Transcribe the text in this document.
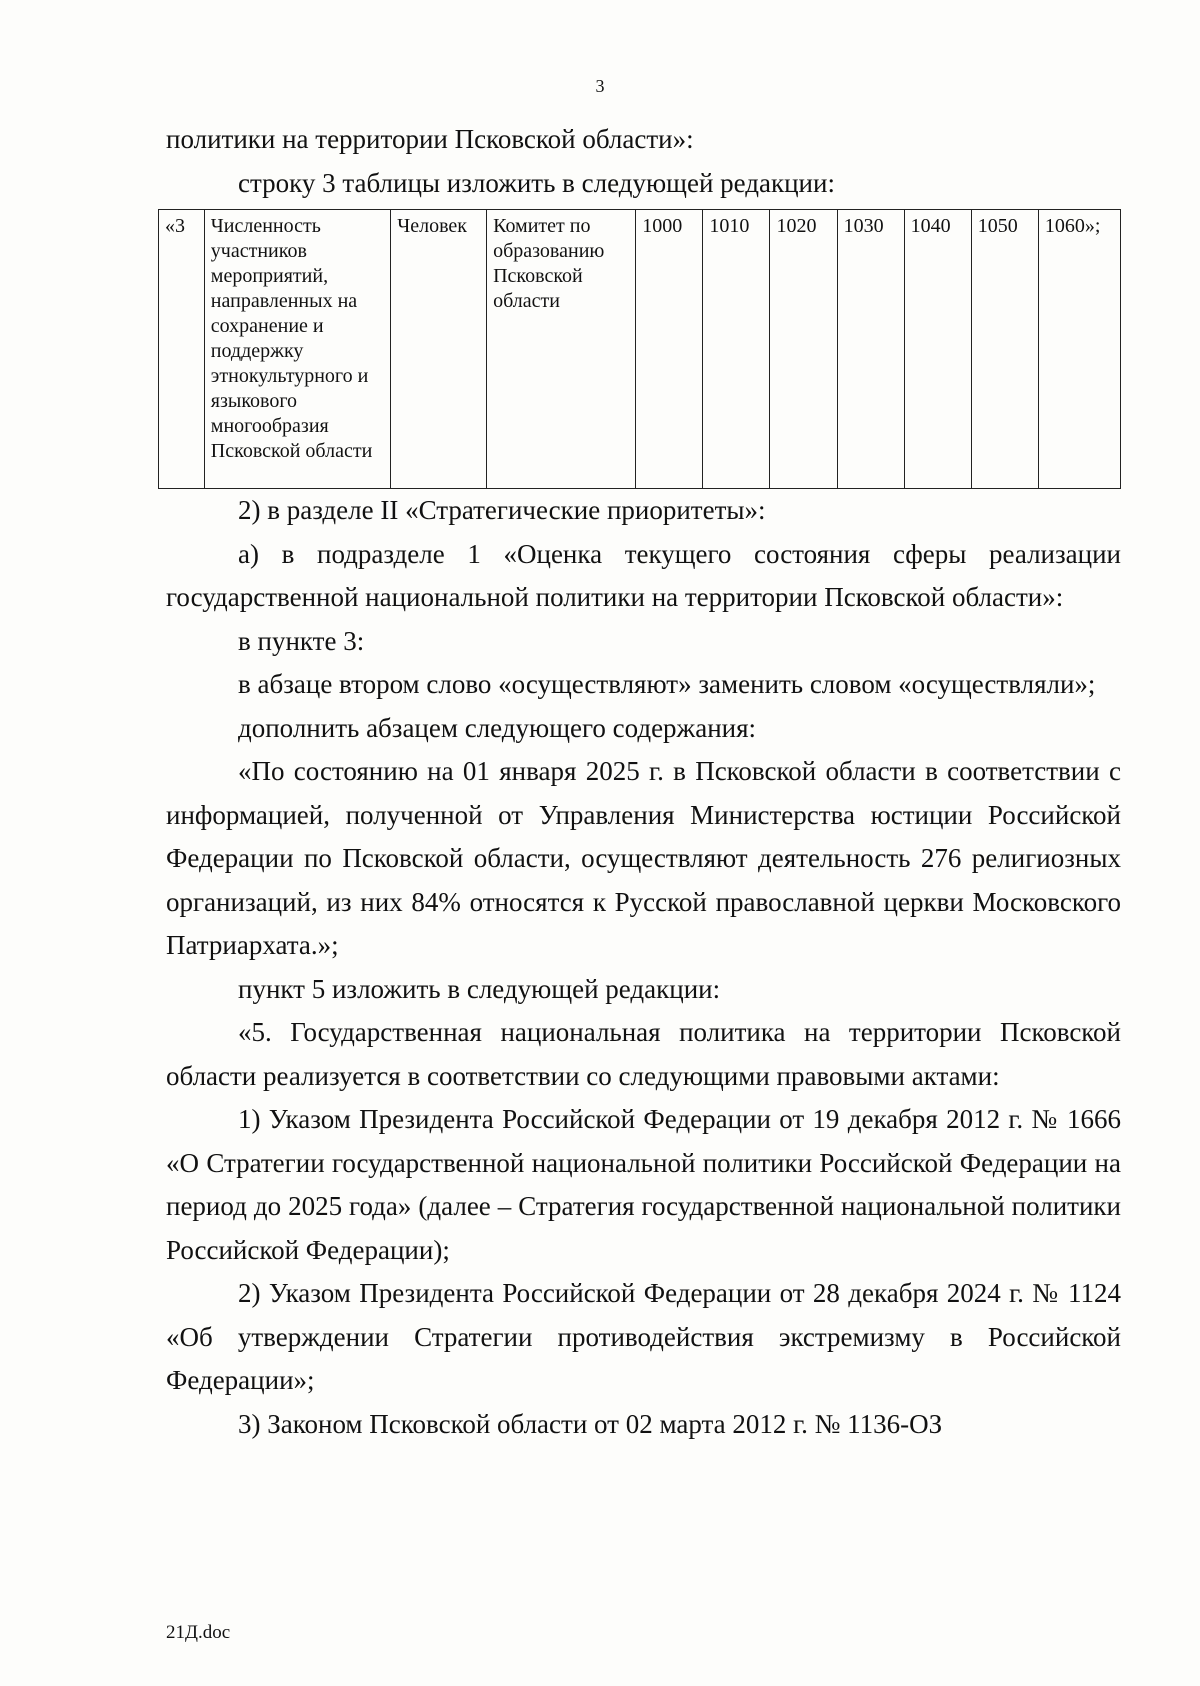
3

политики на территории Псковской области»:

строку 3 таблицы изложить в следующей редакции:

«3	Численность участников мероприятий, направленных на сохранение и поддержку этнокультурного и языкового многообразия Псковской области	Человек	Комитет по образованию Псковской области	1000	1010	1020	1030	1040	1050	1060»;

2) в разделе II «Стратегические приоритеты»:

а) в подразделе 1 «Оценка текущего состояния сферы реализации государственной национальной политики на территории Псковской области»:

в пункте 3:

в абзаце втором слово «осуществляют» заменить словом «осуществляли»;

дополнить абзацем следующего содержания:

«По состоянию на 01 января 2025 г. в Псковской области в соответствии с информацией, полученной от Управления Министерства юстиции Российской Федерации по Псковской области, осуществляют деятельность 276 религиозных организаций, из них 84% относятся к Русской православной церкви Московского Патриархата.»;

пункт 5 изложить в следующей редакции:

«5. Государственная национальная политика на территории Псковской области реализуется в соответствии со следующими правовыми актами:

1) Указом Президента Российской Федерации от 19 декабря 2012 г. № 1666 «О Стратегии государственной национальной политики Российской Федерации на период до 2025 года» (далее – Стратегия государственной национальной политики Российской Федерации);

2) Указом Президента Российской Федерации от 28 декабря 2024 г. № 1124 «Об утверждении Стратегии противодействия экстремизму в Российской Федерации»;

3) Законом Псковской области от 02 марта 2012 г. № 1136-ОЗ

21Д.doc
